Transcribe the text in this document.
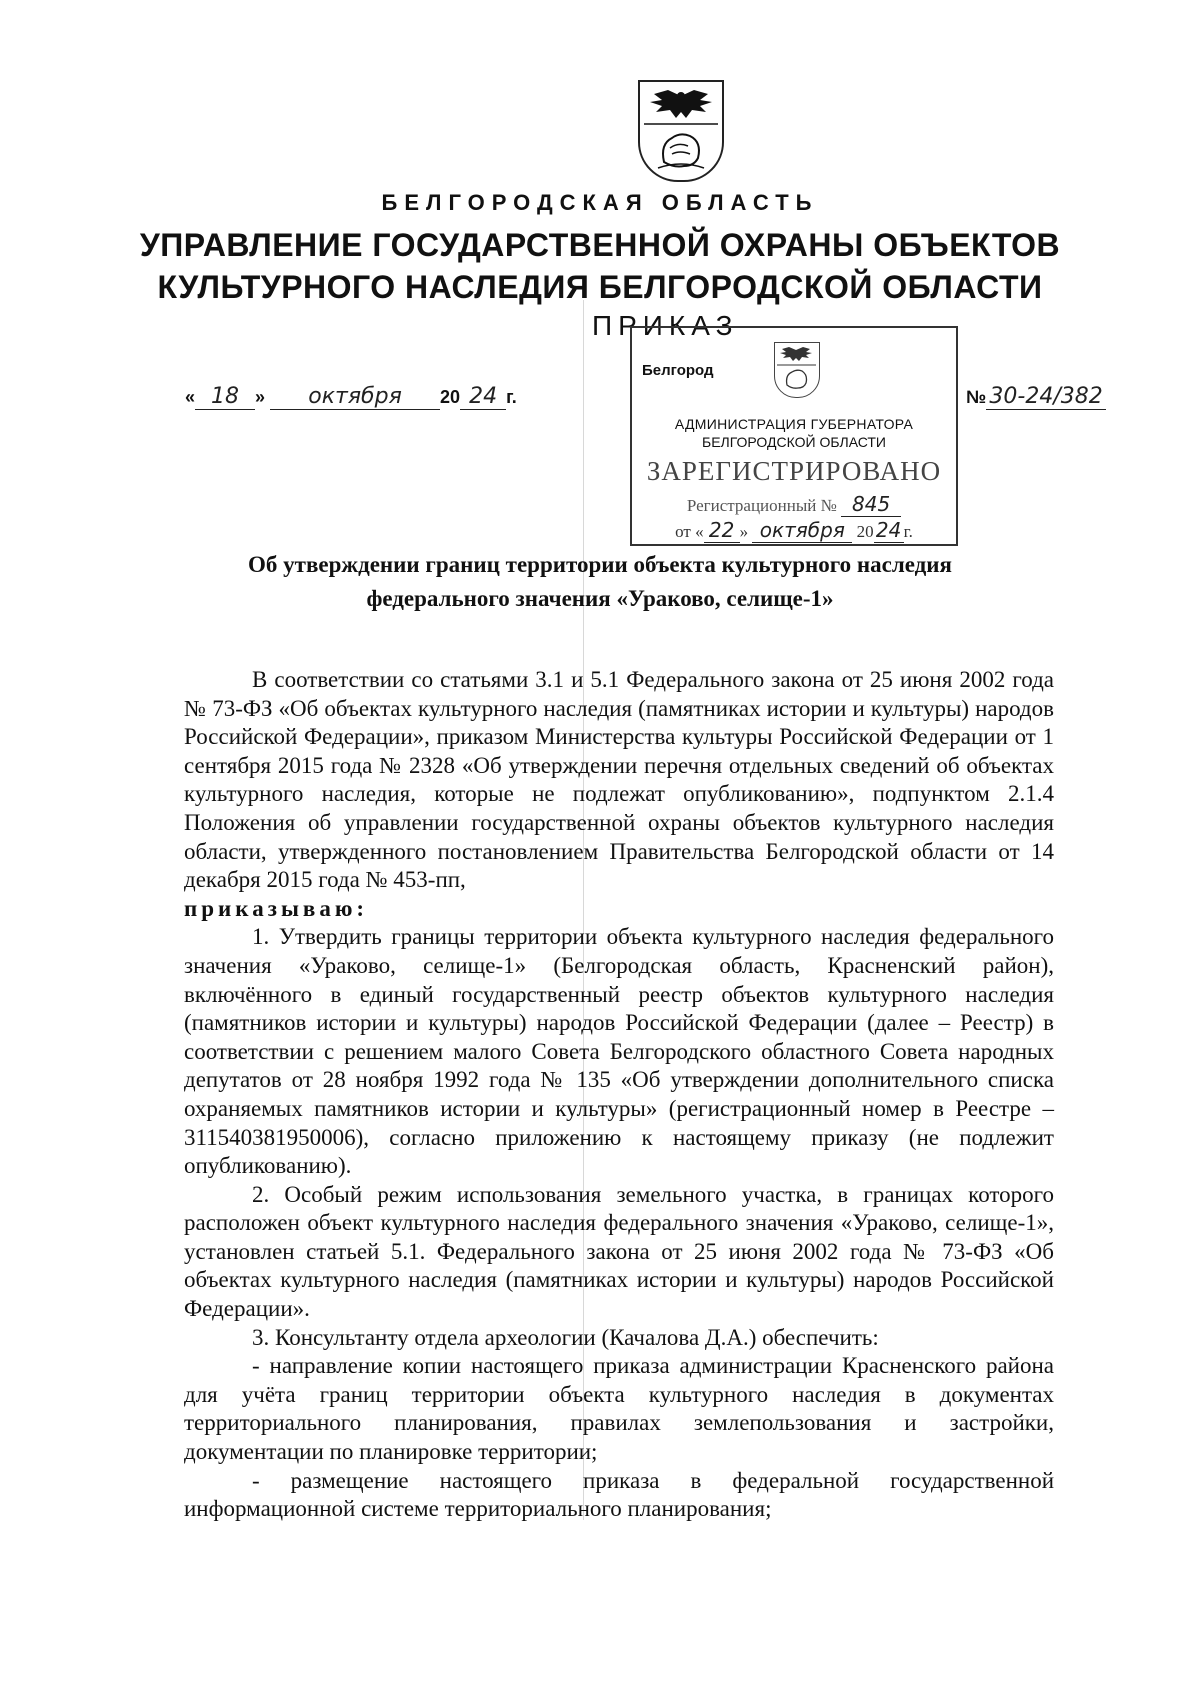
БЕЛГОРОДСКАЯ ОБЛАСТЬ
УПРАВЛЕНИЕ ГОСУДАРСТВЕННОЙ ОХРАНЫ ОБЪЕКТОВ
КУЛЬТУРНОГО НАСЛЕДИЯ БЕЛГОРОДСКОЙ ОБЛАСТИ
ПРИКАЗ
« 18 » октября 20 24 г.	№ 30-24/382
Белгород
АДМИНИСТРАЦИЯ ГУБЕРНАТОРА
БЕЛГОРОДСКОЙ ОБЛАСТИ
ЗАРЕГИСТРИРОВАНО
Регистрационный № 845
от « 22 » октября 20 24 г.
Об утверждении границ территории объекта культурного наследия
федерального значения «Ураково, селище-1»

В соответствии со статьями 3.1 и 5.1 Федерального закона от 25 июня 2002 года № 73-ФЗ «Об объектах культурного наследия (памятниках истории и культуры) народов Российской Федерации», приказом Министерства культуры Российской Федерации от 1 сентября 2015 года № 2328 «Об утверждении перечня отдельных сведений об объектах культурного наследия, которые не подлежат опубликованию», подпунктом 2.1.4 Положения об управлении государственной охраны объектов культурного наследия области, утвержденного постановлением Правительства Белгородской области от 14 декабря 2015 года № 453-пп,

приказываю:

1. Утвердить границы территории объекта культурного наследия федерального значения «Ураково, селище-1» (Белгородская область, Красненский район), включённого в единый государственный реестр объектов культурного наследия (памятников истории и культуры) народов Российской Федерации (далее – Реестр) в соответствии с решением малого Совета Белгородского областного Совета народных депутатов от 28 ноября 1992 года № 135 «Об утверждении дополнительного списка охраняемых памятников истории и культуры» (регистрационный номер в Реестре – 311540381950006), согласно приложению к настоящему приказу (не подлежит опубликованию).

2. Особый режим использования земельного участка, в границах которого расположен объект культурного наследия федерального значения «Ураково, селище-1», установлен статьей 5.1. Федерального закона от 25 июня 2002 года № 73-ФЗ «Об объектах культурного наследия (памятниках истории и культуры) народов Российской Федерации».

3. Консультанту отдела археологии (Качалова Д.А.) обеспечить:

- направление копии настоящего приказа администрации Красненского района для учёта границ территории объекта культурного наследия в документах территориального планирования, правилах землепользования и застройки, документации по планировке территории;

- размещение настоящего приказа в федеральной государственной информационной системе территориального планирования;
